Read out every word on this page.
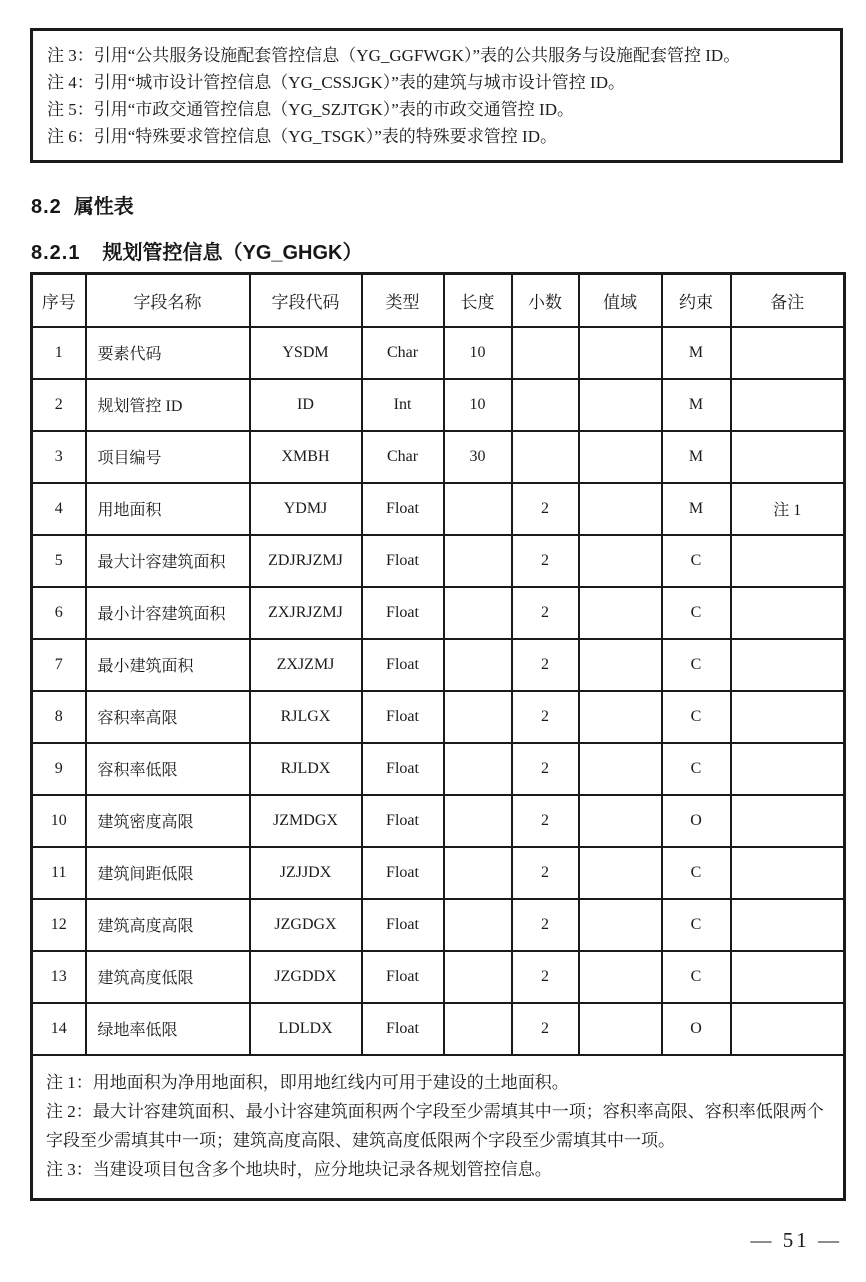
注 3：引用“公共服务设施配套管控信息（YG_GGFWGK）”表的公共服务与设施配套管控 ID。
注 4：引用“城市设计管控信息（YG_CSSJGK）”表的建筑与城市设计管控 ID。
注 5：引用“市政交通管控信息（YG_SZJTGK）”表的市政交通管控 ID。
注 6：引用“特殊要求管控信息（YG_TSGK）”表的特殊要求管控 ID。
8.2 属性表
8.2.1 规划管控信息（YG_GHGK）
序号	字段名称	字段代码	类型	长度	小数	值域	约束	备注
1	要素代码	YSDM	Char	10			M	
2	规划管控 ID	ID	Int	10			M	
3	项目编号	XMBH	Char	30			M	
4	用地面积	YDMJ	Float		2		M	注 1
5	最大计容建筑面积	ZDJRJZMJ	Float		2		C	
6	最小计容建筑面积	ZXJRJZMJ	Float		2		C	
7	最小建筑面积	ZXJZMJ	Float		2		C	
8	容积率高限	RJLGX	Float		2		C	
9	容积率低限	RJLDX	Float		2		C	
10	建筑密度高限	JZMDGX	Float		2		O	
11	建筑间距低限	JZJJDX	Float		2		C	
12	建筑高度高限	JZGDGX	Float		2		C	
13	建筑高度低限	JZGDDX	Float		2		C	
14	绿地率低限	LDLDX	Float		2		O	

注 1：用地面积为净用地面积，即用地红线内可用于建设的土地面积。
注 2：最大计容建筑面积、最小计容建筑面积两个字段至少需填其中一项；容积率高限、容积率低限两个字段至少需填其中一项；建筑高度高限、建筑高度低限两个字段至少需填其中一项。
注 3：当建设项目包含多个地块时，应分地块记录各规划管控信息。								
— 51 —
